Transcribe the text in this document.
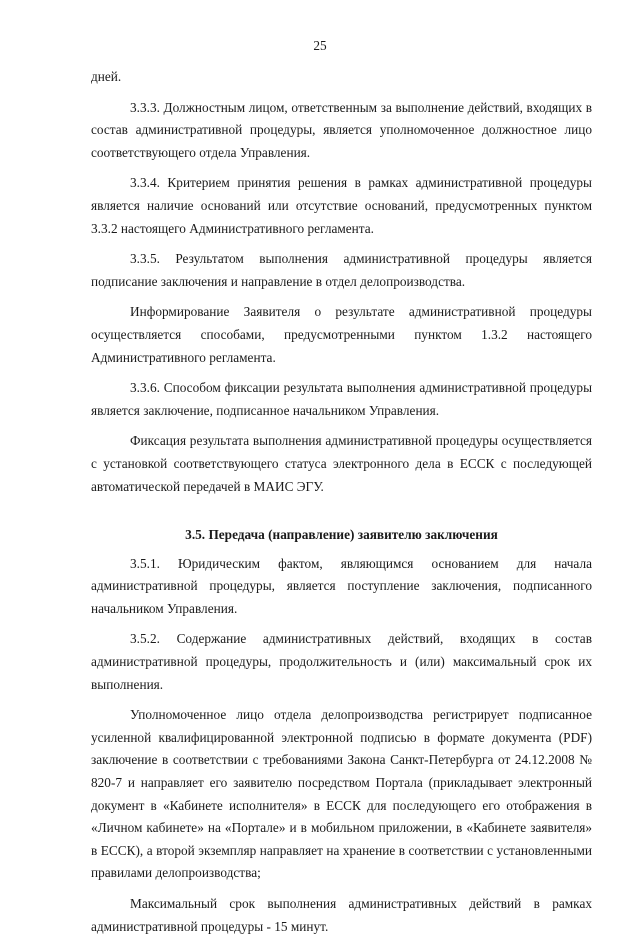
25

дней.

3.3.3. Должностным лицом, ответственным за выполнение действий, входящих в состав административной процедуры, является уполномоченное должностное лицо соответствующего отдела Управления.

3.3.4. Критерием принятия решения в рамках административной процедуры является наличие оснований или отсутствие оснований, предусмотренных пунктом 3.3.2 настоящего Административного регламента.

3.3.5. Результатом выполнения административной процедуры является подписание заключения и направление в отдел делопроизводства.

Информирование Заявителя о результате административной процедуры осуществляется способами, предусмотренными пунктом 1.3.2 настоящего Административного регламента.

3.3.6. Способом фиксации результата выполнения административной процедуры является заключение, подписанное начальником Управления.

Фиксация результата выполнения административной процедуры осуществляется с установкой соответствующего статуса электронного дела в ЕССК с последующей автоматической передачей в МАИС ЭГУ.

3.5. Передача (направление) заявителю заключения

3.5.1. Юридическим фактом, являющимся основанием для начала административной процедуры, является поступление заключения, подписанного начальником Управления.

3.5.2. Содержание административных действий, входящих в состав административной процедуры, продолжительность и (или) максимальный срок их выполнения.

Уполномоченное лицо отдела делопроизводства регистрирует подписанное усиленной квалифицированной электронной подписью в формате документа (PDF) заключение в соответствии с требованиями Закона Санкт-Петербурга от 24.12.2008 № 820-7 и направляет его заявителю посредством Портала (прикладывает электронный документ в «Кабинете исполнителя» в ЕССК для последующего его отображения в «Личном кабинете» на «Портале» и в мобильном приложении, в «Кабинете заявителя» в ЕССК), а второй экземпляр направляет на хранение в соответствии с установленными правилами делопроизводства;

Максимальный срок выполнения административных действий в рамках административной процедуры - 15 минут.
